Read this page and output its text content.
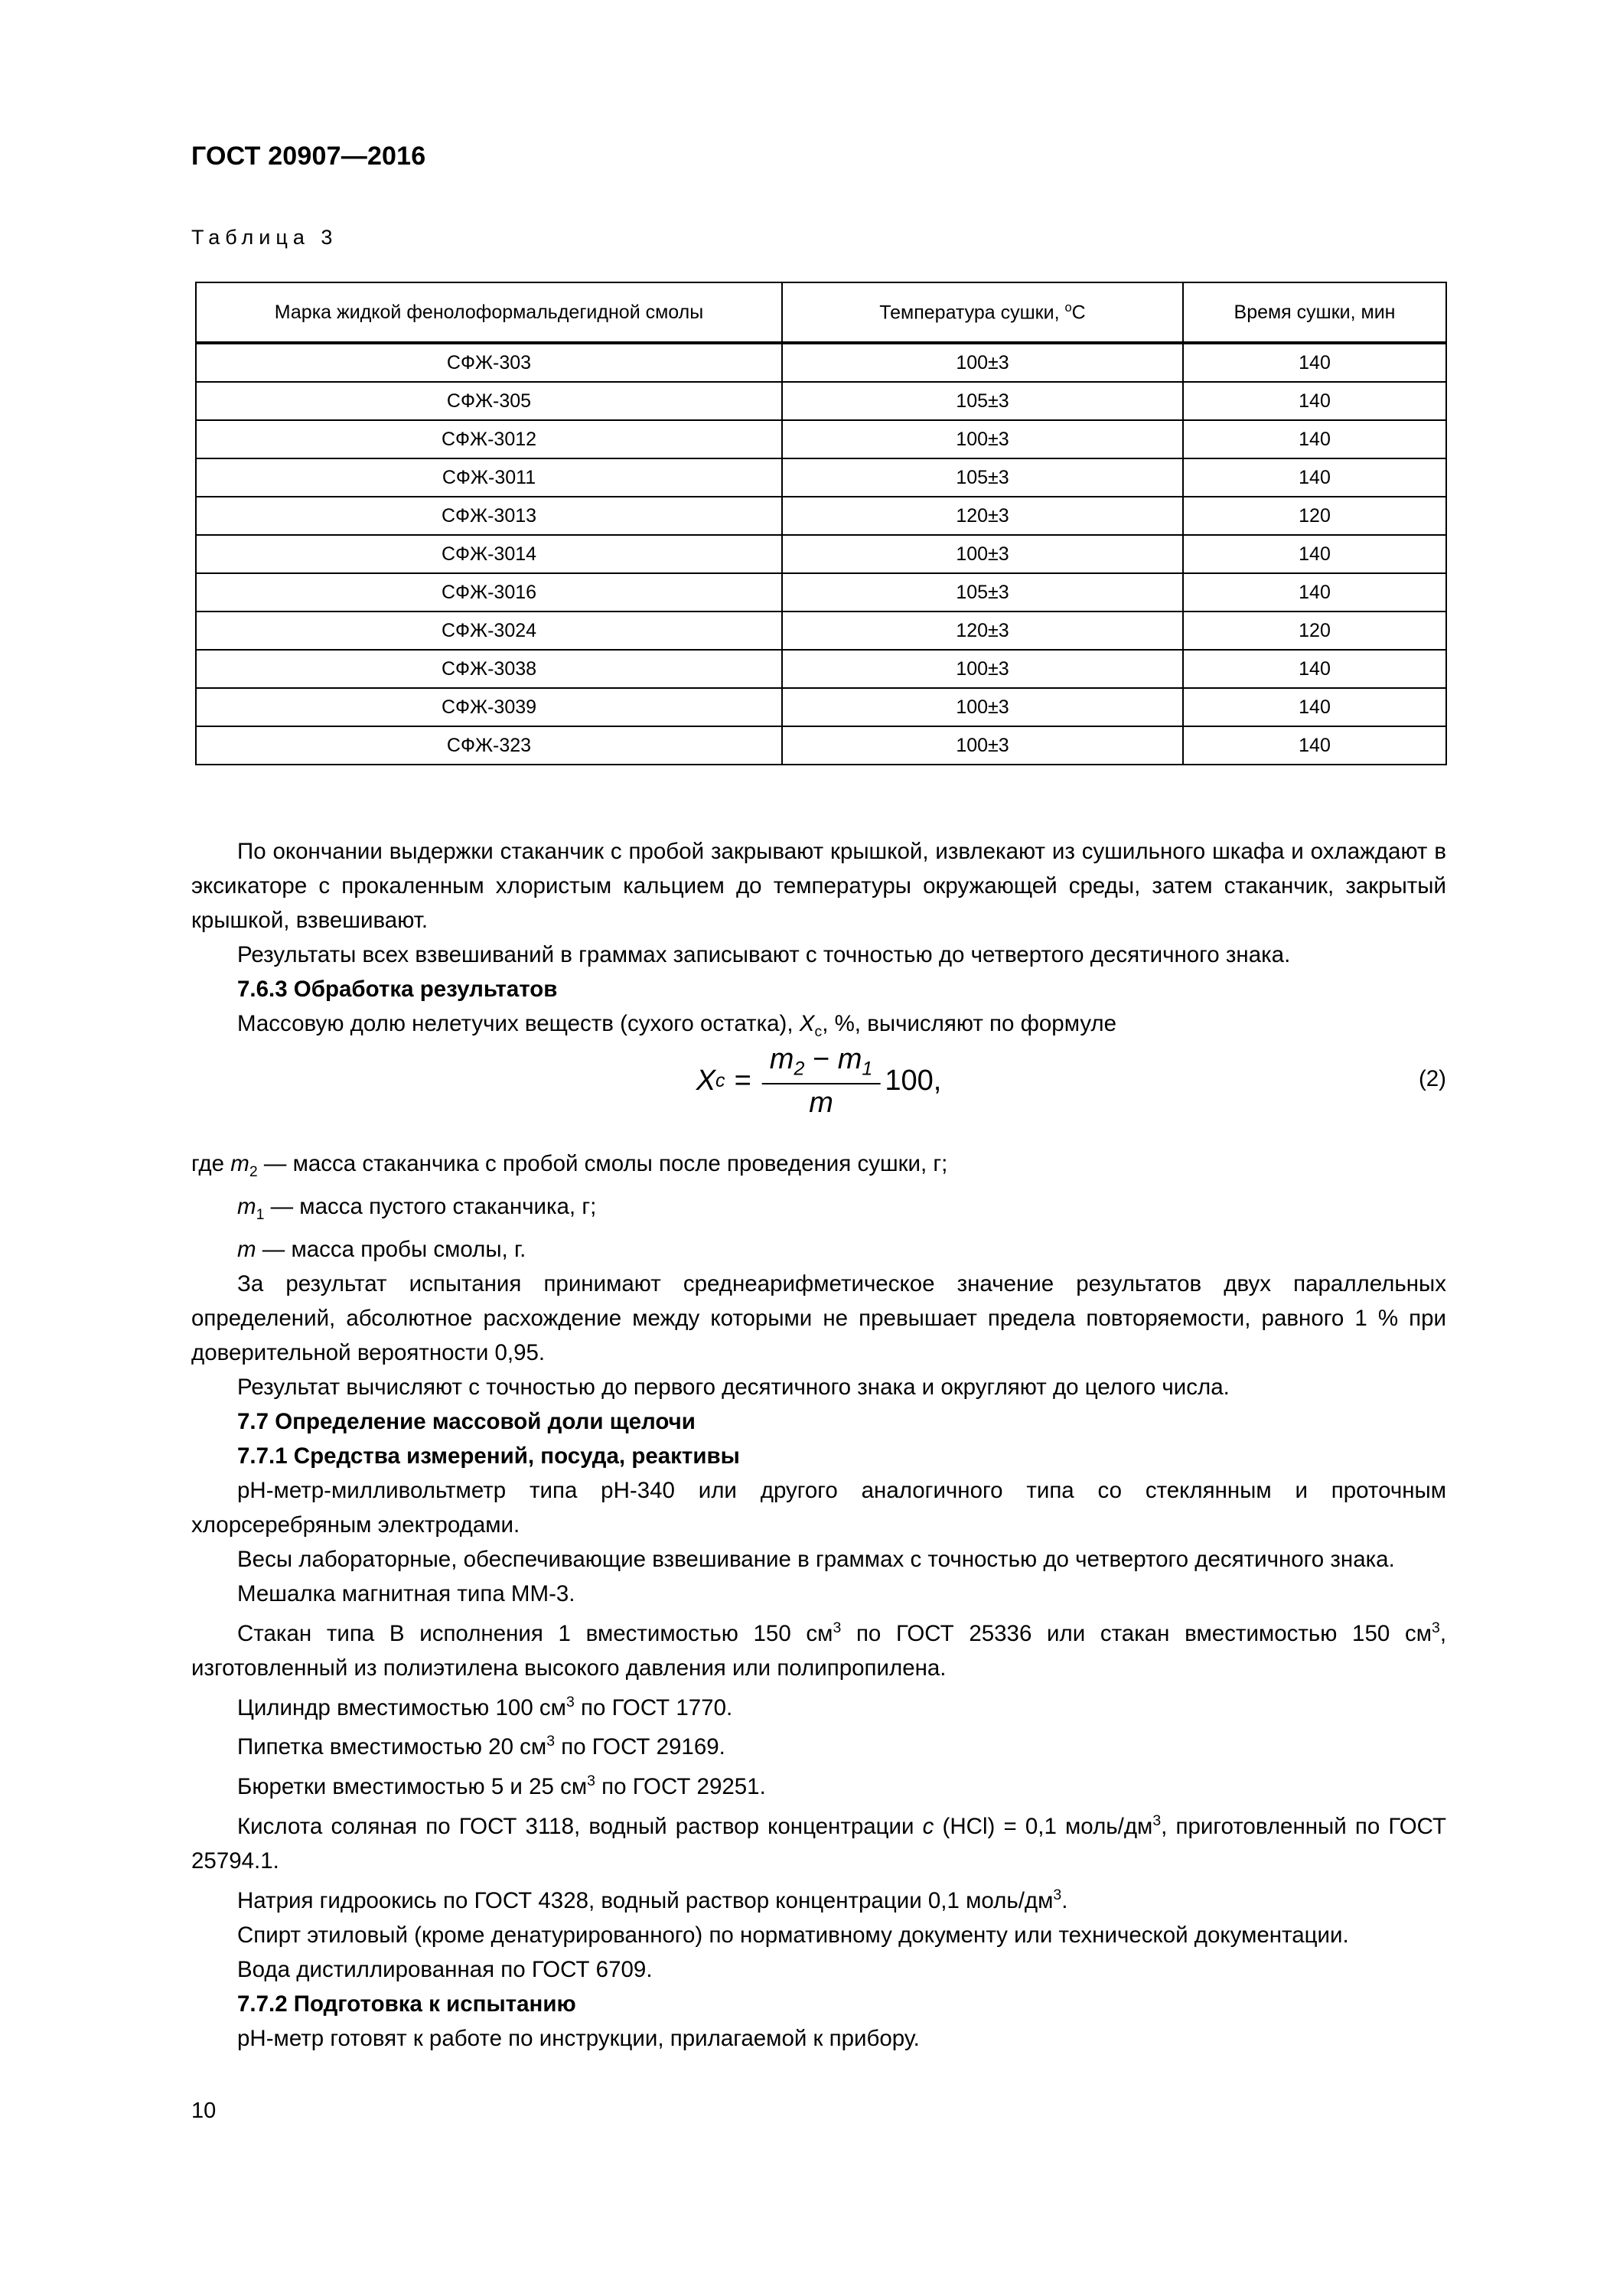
ГОСТ 20907—2016
Таблица 3
Марка жидкой фенолоформальдегидной смолы	Температура сушки, $^о$С	Время сушки, мин

СФЖ-303	100±3	140
СФЖ-305	105±3	140
СФЖ-3012	100±3	140
СФЖ-3011	105±3	140
СФЖ-3013	120±3	120
СФЖ-3014	100±3	140
СФЖ-3016	105±3	140
СФЖ-3024	120±3	120
СФЖ-3038	100±3	140
СФЖ-3039	100±3	140
СФЖ-323	100±3	140

По окончании выдержки стаканчик с пробой закрывают крышкой, извлекают из сушильного шкафа и охлаждают в эксикаторе с прокаленным хлористым кальцием до температуры окружающей среды, затем стаканчик, закрытый крышкой, взвешивают.

Результаты всех взвешиваний в граммах записывают с точностью до четвертого десятичного знака.

7.6.3 Обработка результатов

Массовую долю нелетучих веществ (сухого остатка), $X_c$, %, вычисляют по формуле

X $c = \frac{m_2 - m_1}{m} 100$,	(2)

где $m_2$ — масса стаканчика с пробой смолы после проведения сушки, г;

$m_1$ — масса пустого стаканчика, г;

m — масса пробы смолы, г.

За результат испытания принимают среднеарифметическое значение результатов двух параллельных определений, абсолютное расхождение между которыми не превышает предела повторяемости, равного 1 % при доверительной вероятности 0,95.

Результат вычисляют с точностью до первого десятичного знака и округляют до целого числа.

7.7 Определение массовой доли щелочи

7.7.1 Средства измерений, посуда, реактивы

pH-метр-милливольтметр типа pH-340 или другого аналогичного типа со стеклянным и проточным хлорсеребряным электродами.

Весы лабораторные, обеспечивающие взвешивание в граммах с точностью до четвертого десятичного знака.

Мешалка магнитная типа ММ-3.

Стакан типа В исполнения 1 вместимостью 150 $см^3$ по ГОСТ 25336 или стакан вместимостью 150 $см^3$, изготовленный из полиэтилена высокого давления или полипропилена.

Цилиндр вместимостью 100 $см^3$ по ГОСТ 1770.

Пипетка вместимостью 20 $см^3$ по ГОСТ 29169.

Бюретки вместимостью 5 и 25 $см^3$ по ГОСТ 29251.

Кислота соляная по ГОСТ 3118, водный раствор концентрации c (HCl) = 0,1 моль/$дм^3$, приготовленный по ГОСТ 25794.1.

Натрия гидроокись по ГОСТ 4328, водный раствор концентрации 0,1 моль/$дм^3$.

Спирт этиловый (кроме денатурированного) по нормативному документу или технической документации.

Вода дистиллированная по ГОСТ 6709.

7.7.2 Подготовка к испытанию

pH-метр готовят к работе по инструкции, прилагаемой к прибору.

10
